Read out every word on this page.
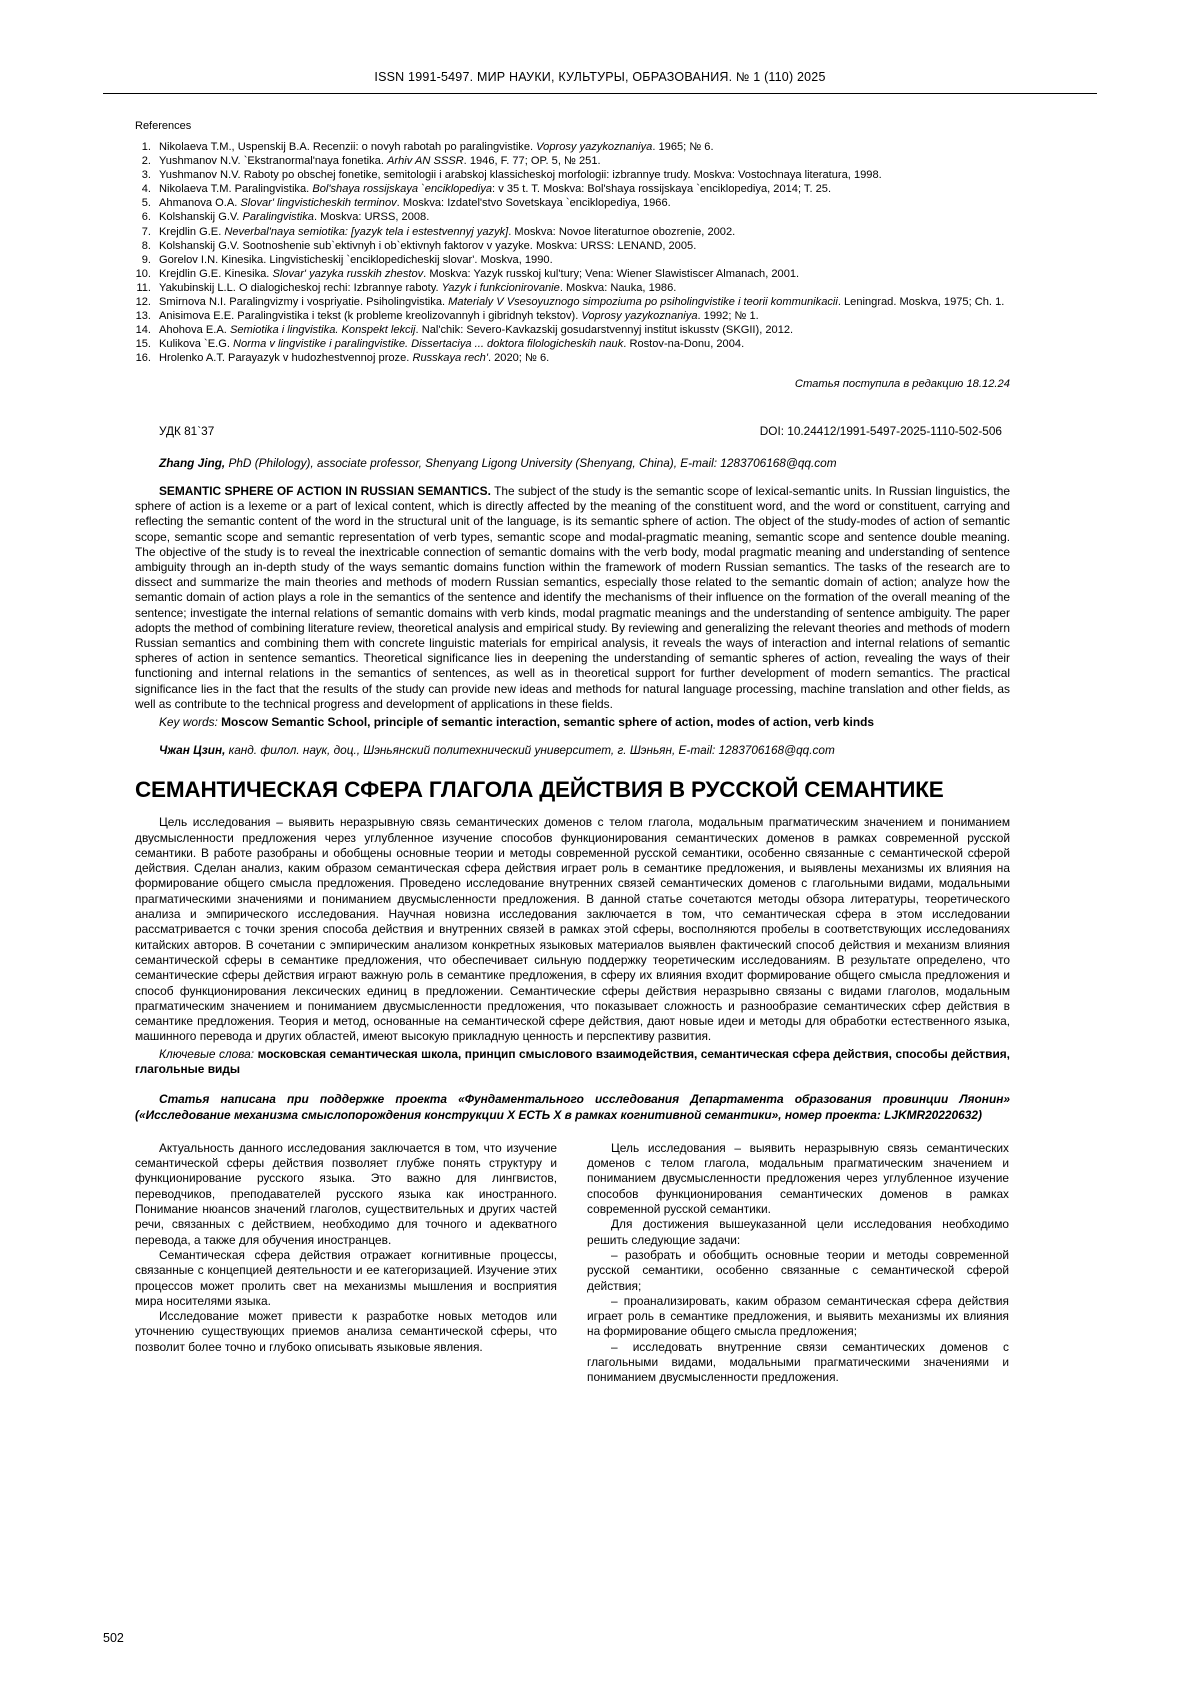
ISSN 1991-5497. МИР НАУКИ, КУЛЬТУРЫ, ОБРАЗОВАНИЯ. № 1 (110) 2025
References
1. Nikolaeva T.M., Uspenskij B.A. Recenzii: o novyh rabotah po paralingvistike. Voprosy yazykoznaniya. 1965; № 6.
2. Yushmanov N.V. `Ekstranormal'naya fonetika. Arhiv AN SSSR. 1946, F. 77; OP. 5, № 251.
3. Yushmanov N.V. Raboty po obschej fonetike, semitologii i arabskoj klassicheskoj morfologii: izbrannye trudy. Moskva: Vostochnaya literatura, 1998.
4. Nikolaeva T.M. Paralingvistika. Bol'shaya rossijskaya `enciklopediya: v 35 t. T. Moskva: Bol'shaya rossijskaya `enciklopediya, 2014; T. 25.
5. Ahmanova O.A. Slovar' lingvisticheskih terminov. Moskva: Izdatel'stvo Sovetskaya `enciklopediya, 1966.
6. Kolshanskij G.V. Paralingvistika. Moskva: URSS, 2008.
7. Krejdlin G.E. Neverbal'naya semiotika: [yazyk tela i estestvennyj yazyk]. Moskva: Novoe literaturnoe obozrenie, 2002.
8. Kolshanskij G.V. Sootnoshenie sub`ektivnyh i ob`ektivnyh faktorov v yazyke. Moskva: URSS: LENAND, 2005.
9. Gorelov I.N. Kinesika. Lingvisticheskij `enciklopedicheskij slovar'. Moskva, 1990.
10. Krejdlin G.E. Kinesika. Slovar' yazyka russkih zhestov. Moskva: Yazyk russkoj kul'tury; Vena: Wiener Slawistiscer Almanach, 2001.
11. Yakubinskij L.L. O dialogicheskoj rechi: Izbrannye raboty. Yazyk i funkcionirovanie. Moskva: Nauka, 1986.
12. Smirnova N.I. Paralingvizmy i vospriyatie. Psiholingvistika. Materialy V Vsesoyuznogo simpoziuma po psiholingvistike i teorii kommunikacii. Leningrad. Moskva, 1975; Ch. 1.
13. Anisimova E.E. Paralingvistika i tekst (k probleme kreolizovannyh i gibridnyh tekstov). Voprosy yazykoznaniya. 1992; № 1.
14. Ahohova E.A. Semiotika i lingvistika. Konspekt lekcij. Nal'chik: Severo-Kavkazskij gosudarstvennyj institut iskusstv (SKGII), 2012.
15. Kulikova `E.G. Norma v lingvistike i paralingvistike. Dissertaciya ... doktora filologicheskih nauk. Rostov-na-Donu, 2004.
16. Hrolenko A.T. Parayazyk v hudozhestvennoj proze. Russkaya rech'. 2020; № 6.
Статья поступила в редакцию 18.12.24
УДК 81`37	DOI: 10.24412/1991-5497-2025-1110-502-506
Zhang Jing, PhD (Philology), associate professor, Shenyang Ligong University (Shenyang, China), E-mail: 1283706168@qq.com
SEMANTIC SPHERE OF ACTION IN RUSSIAN SEMANTICS. The subject of the study is the semantic scope of lexical-semantic units. In Russian linguistics, the sphere of action is a lexeme or a part of lexical content, which is directly affected by the meaning of the constituent word, and the word or constituent, carrying and reflecting the semantic content of the word in the structural unit of the language, is its semantic sphere of action. The object of the study-modes of action of semantic scope, semantic scope and semantic representation of verb types, semantic scope and modal-pragmatic meaning, semantic scope and sentence double meaning. The objective of the study is to reveal the inextricable connection of semantic domains with the verb body, modal pragmatic meaning and understanding of sentence ambiguity through an in-depth study of the ways semantic domains function within the framework of modern Russian semantics. The tasks of the research are to dissect and summarize the main theories and methods of modern Russian semantics, especially those related to the semantic domain of action; analyze how the semantic domain of action plays a role in the semantics of the sentence and identify the mechanisms of their influence on the formation of the overall meaning of the sentence; investigate the internal relations of semantic domains with verb kinds, modal pragmatic meanings and the understanding of sentence ambiguity. The paper adopts the method of combining literature review, theoretical analysis and empirical study. By reviewing and generalizing the relevant theories and methods of modern Russian semantics and combining them with concrete linguistic materials for empirical analysis, it reveals the ways of interaction and internal relations of semantic spheres of action in sentence semantics. Theoretical significance lies in deepening the understanding of semantic spheres of action, revealing the ways of their functioning and internal relations in the semantics of sentences, as well as in theoretical support for further development of modern semantics. The practical significance lies in the fact that the results of the study can provide new ideas and methods for natural language processing, machine translation and other fields, as well as contribute to the technical progress and development of applications in these fields.
Key words: Moscow Semantic School, principle of semantic interaction, semantic sphere of action, modes of action, verb kinds
Чжан Цзин, канд. филол. наук, доц., Шэньянский политехнический университет, г. Шэньян, E-mail: 1283706168@qq.com
СЕМАНТИЧЕСКАЯ СФЕРА ГЛАГОЛА ДЕЙСТВИЯ В РУССКОЙ СЕМАНТИКЕ
Цель исследования – выявить неразрывную связь семантических доменов с телом глагола, модальным прагматическим значением и пониманием двусмысленности предложения через углубленное изучение способов функционирования семантических доменов в рамках современной русской семантики. В работе разобраны и обобщены основные теории и методы современной русской семантики, особенно связанные с семантической сферой действия. Сделан анализ, каким образом семантическая сфера действия играет роль в семантике предложения, и выявлены механизмы их влияния на формирование общего смысла предложения. Проведено исследование внутренних связей семантических доменов с глагольными видами, модальными прагматическими значениями и пониманием двусмысленности предложения. В данной статье сочетаются методы обзора литературы, теоретического анализа и эмпирического исследования. Научная новизна исследования заключается в том, что семантическая сфера в этом исследовании рассматривается с точки зрения способа действия и внутренних связей в рамках этой сферы, восполняются пробелы в соответствующих исследованиях китайских авторов. В сочетании с эмпирическим анализом конкретных языковых материалов выявлен фактический способ действия и механизм влияния семантической сферы в семантике предложения, что обеспечивает сильную поддержку теоретическим исследованиям. В результате определено, что семантические сферы действия играют важную роль в семантике предложения, в сферу их влияния входит формирование общего смысла предложения и способ функционирования лексических единиц в предложении. Семантические сферы действия неразрывно связаны с видами глаголов, модальным прагматическим значением и пониманием двусмысленности предложения, что показывает сложность и разнообразие семантических сфер действия в семантике предложения. Теория и метод, основанные на семантической сфере действия, дают новые идеи и методы для обработки естественного языка, машинного перевода и других областей, имеют высокую прикладную ценность и перспективу развития.
Ключевые слова: московская семантическая школа, принцип смыслового взаимодействия, семантическая сфера действия, способы действия, глагольные виды
Статья написана при поддержке проекта «Фундаментального исследования Департамента образования провинции Ляонин» («Исследование механизма смыслопорождения конструкции Х ЕСТЬ Х в рамках когнитивной семантики», номер проекта: LJKMR20220632)

Актуальность данного исследования заключается в том, что изучение семантической сферы действия позволяет глубже понять структуру и функционирование русского языка. Это важно для лингвистов, переводчиков, преподавателей русского языка как иностранного. Понимание нюансов значений глаголов, существительных и других частей речи, связанных с действием, необходимо для точного и адекватного перевода, а также для обучения иностранцев.

Семантическая сфера действия отражает когнитивные процессы, связанные с концепцией деятельности и ее категоризацией. Изучение этих процессов может пролить свет на механизмы мышления и восприятия мира носителями языка.

Исследование может привести к разработке новых методов или уточнению существующих приемов анализа семантической сферы, что позволит более точно и глубоко описывать языковые явления.

Цель исследования – выявить неразрывную связь семантических доменов с телом глагола, модальным прагматическим значением и пониманием двусмысленности предложения через углубленное изучение способов функционирования семантических доменов в рамках современной русской семантики.

Для достижения вышеуказанной цели исследования необходимо решить следующие задачи:

– разобрать и обобщить основные теории и методы современной русской семантики, особенно связанные с семантической сферой действия;

– проанализировать, каким образом семантическая сфера действия играет роль в семантике предложения, и выявить механизмы их влияния на формирование общего смысла предложения;

– исследовать внутренние связи семантических доменов с глагольными видами, модальными прагматическими значениями и пониманием двусмысленности предложения.

502
